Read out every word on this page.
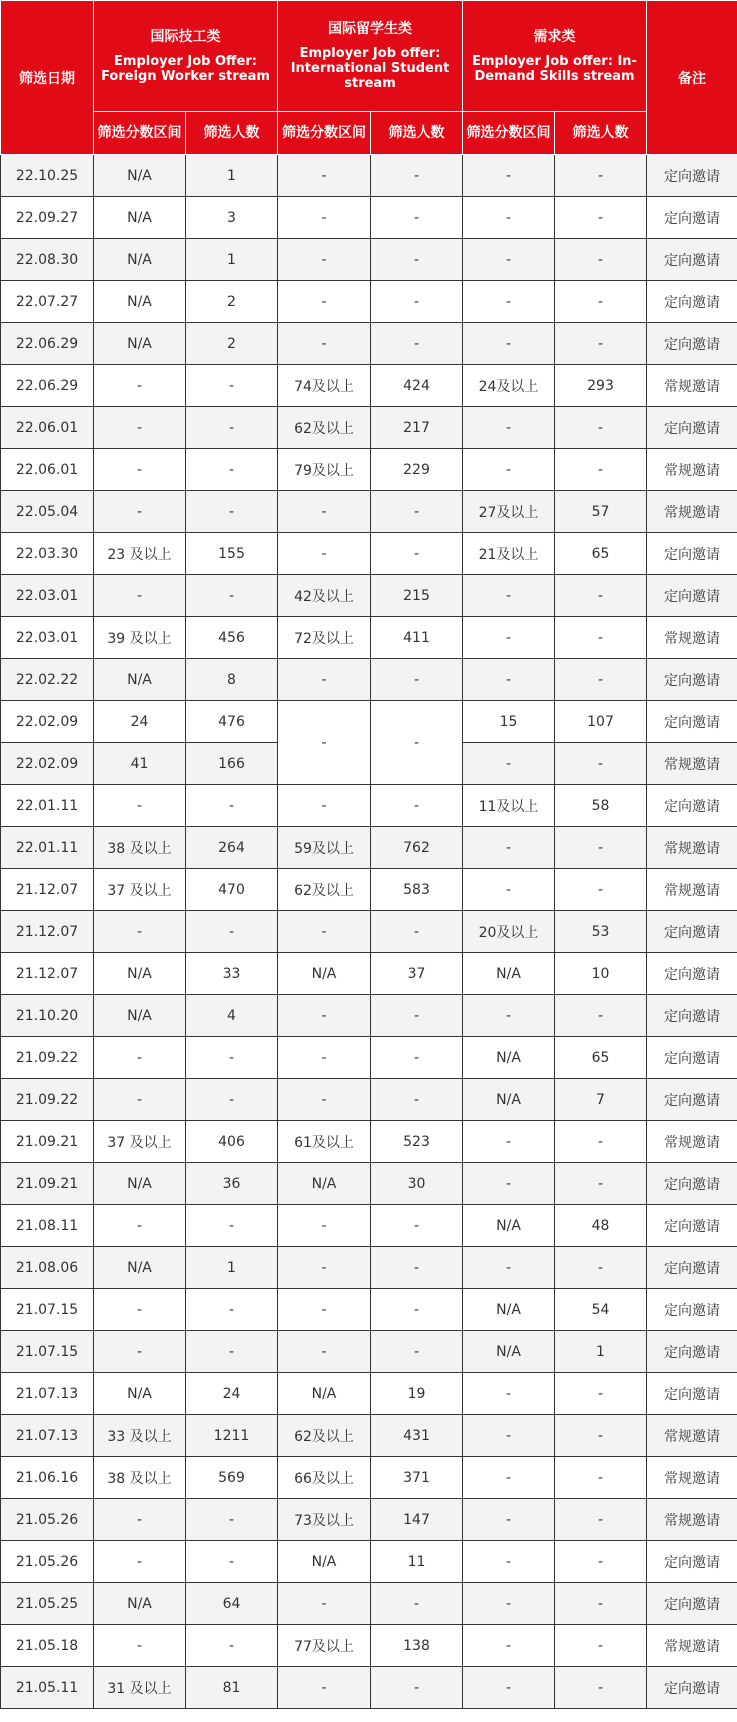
筛选日期	国际技工类
Employer Job Offer: Foreign Worker stream		国际留学生类
Employer Job offer: International Student stream		需求类
Employer Job offer: In-Demand Skills stream		备注
	筛选分数区间	筛选人数	筛选分数区间	筛选人数	筛选分数区间	筛选人数	
22.10.25	N/A	1	-	-	-	-	定向邀请
22.09.27	N/A	3	-	-	-	-	定向邀请
22.08.30	N/A	1	-	-	-	-	定向邀请
22.07.27	N/A	2	-	-	-	-	定向邀请
22.06.29	N/A	2	-	-	-	-	定向邀请
22.06.29	-	-	74及以上	424	24及以上	293	常规邀请
22.06.01	-	-	62及以上	217	-	-	定向邀请
22.06.01	-	-	79及以上	229	-	-	常规邀请
22.05.04	-	-	-	-	27及以上	57	常规邀请
22.03.30	23 及以上	155	-	-	21及以上	65	定向邀请
22.03.01	-	-	42及以上	215	-	-	定向邀请
22.03.01	39 及以上	456	72及以上	411	-	-	常规邀请
22.02.22	N/A	8	-	-	-	-	定向邀请
22.02.09	24	476	-	-	15	107	定向邀请
22.02.09	41	166			-	-	常规邀请
22.01.11	-	-	-	-	11及以上	58	定向邀请
22.01.11	38 及以上	264	59及以上	762	-	-	常规邀请
21.12.07	37 及以上	470	62及以上	583	-	-	常规邀请
21.12.07	-	-	-	-	20及以上	53	定向邀请
21.12.07	N/A	33	N/A	37	N/A	10	定向邀请
21.10.20	N/A	4	-	-	-	-	定向邀请
21.09.22	-	-	-	-	N/A	65	定向邀请
21.09.22	-	-	-	-	N/A	7	定向邀请
21.09.21	37 及以上	406	61及以上	523	-	-	常规邀请
21.09.21	N/A	36	N/A	30	-	-	定向邀请
21.08.11	-	-	-	-	N/A	48	定向邀请
21.08.06	N/A	1	-	-	-	-	定向邀请
21.07.15	-	-	-	-	N/A	54	定向邀请
21.07.15	-	-	-	-	N/A	1	定向邀请
21.07.13	N/A	24	N/A	19	-	-	定向邀请
21.07.13	33 及以上	1211	62及以上	431	-	-	常规邀请
21.06.16	38 及以上	569	66及以上	371	-	-	常规邀请
21.05.26	-	-	73及以上	147	-	-	常规邀请
21.05.26	-	-	N/A	11	-	-	定向邀请
21.05.25	N/A	64	-	-	-	-	定向邀请
21.05.18	-	-	77及以上	138	-	-	常规邀请
21.05.11	31 及以上	81	-	-	-	-	定向邀请
